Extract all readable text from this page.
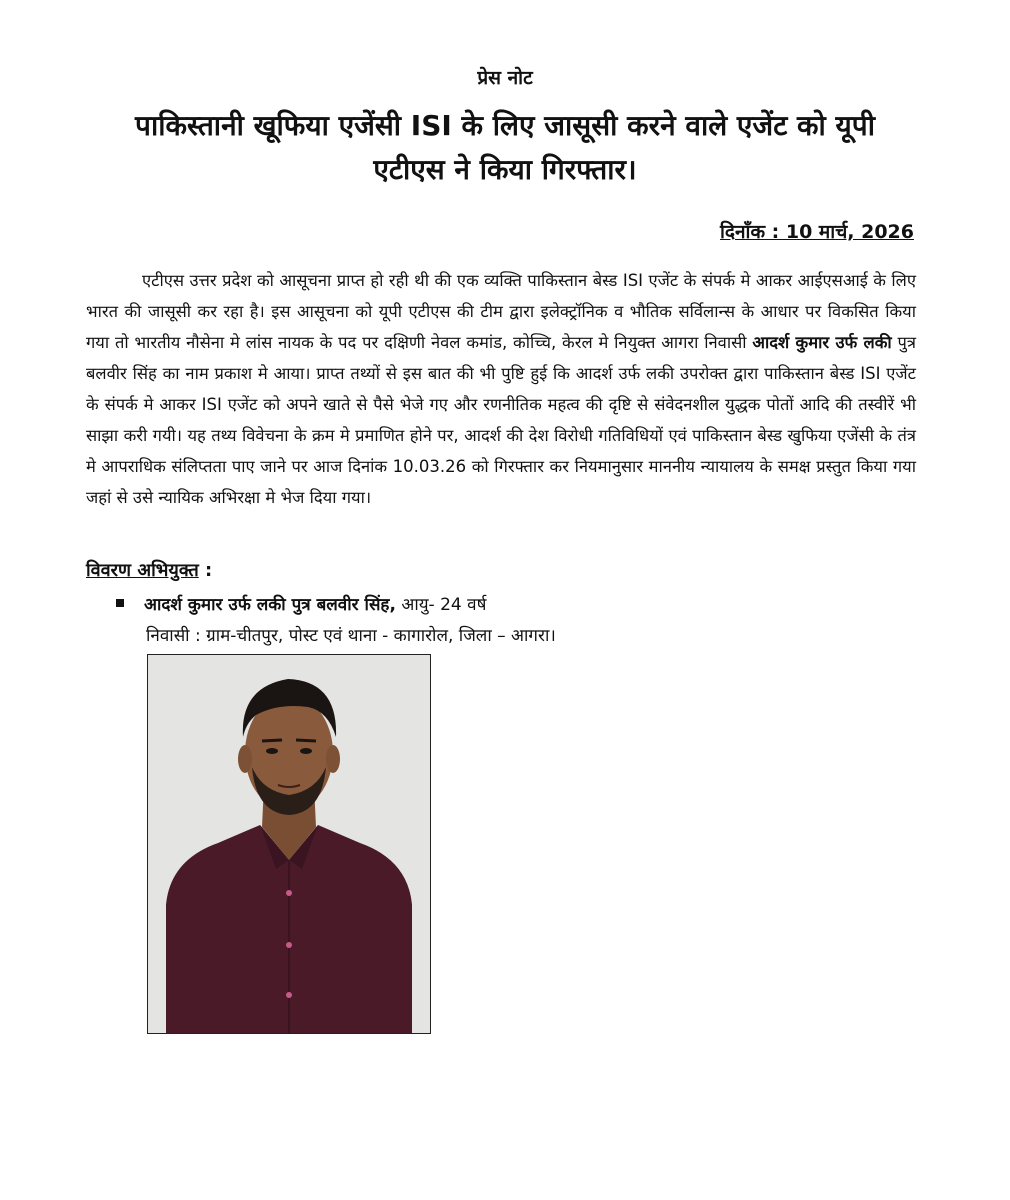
प्रेस नोट
पाकिस्तानी खूफिया एजेंसी ISI के लिए जासूसी करने वाले एजेंट को यूपी
एटीएस ने किया गिरफ्तार।
दिनाँक : 10 मार्च, 2026
एटीएस उत्तर प्रदेश को आसूचना प्राप्त हो रही थी की एक व्यक्ति पाकिस्तान बेस्ड ISI एजेंट के संपर्क मे आकर आईएसआई के लिए भारत की जासूसी कर रहा है। इस आसूचना को यूपी एटीएस की टीम द्वारा इलेक्ट्रॉनिक व भौतिक सर्विलान्स के आधार पर विकसित किया गया तो भारतीय नौसेना मे लांस नायक के पद पर दक्षिणी नेवल कमांड, कोच्चि, केरल मे नियुक्त आगरा निवासी आदर्श कुमार उर्फ लकी पुत्र बलवीर सिंह का नाम प्रकाश मे आया। प्राप्त तथ्यों से इस बात की भी पुष्टि हुई कि आदर्श उर्फ लकी उपरोक्त द्वारा पाकिस्तान बेस्ड ISI एजेंट के संपर्क मे आकर ISI एजेंट को अपने खाते से पैसे भेजे गए और रणनीतिक महत्व की दृष्टि से संवेदनशील युद्धक पोतों आदि की तस्वीरें भी साझा करी गयी। यह तथ्य विवेचना के क्रम मे प्रमाणित होने पर, आदर्श की देश विरोधी गतिविधियों एवं पाकिस्तान बेस्ड खुफिया एजेंसी के तंत्र मे आपराधिक संलिप्तता पाए जाने पर आज दिनांक 10.03.26 को गिरफ्तार कर नियमानुसार माननीय न्यायालय के समक्ष प्रस्तुत किया गया जहां से उसे न्यायिक अभिरक्षा मे भेज दिया गया।
विवरण अभियुक्त :
आदर्श कुमार उर्फ लकी पुत्र बलवीर सिंह, आयु- 24 वर्ष
निवासी : ग्राम-चीतपुर, पोस्ट एवं थाना - कागारोल, जिला – आगरा।
